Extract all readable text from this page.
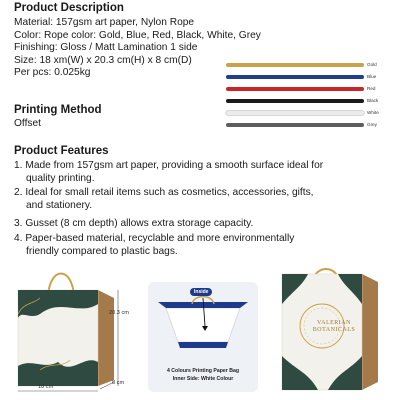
Product Description
Material: 157gsm art paper, Nylon Rope
Color: Rope color: Gold, Blue, Red, Black, White, Grey
Finishing: Gloss / Matt Lamination 1 side
Size: 18 xm(W) x 20.3 cm(H) x 8 cm(D)
Per pcs: 0.025kg
Gold
Blue
Red
Black
White
Grey
Printing Method
Offset
Product Features
1. Made from 157gsm art paper, providing a smooth surface ideal for
quality printing.
2. Ideal for small retail items such as cosmetics, accessories, gifts,
and stationery.
3. Gusset (8 cm depth) allows extra storage capacity.
4. Paper-based material, recyclable and more environmentally
friendly compared to plastic bags.
20.3 cm
18 cm
8 cm
Inside
4 Colours Printing Paper Bag
Inner Side: White Colour
VALERIAN
BOTANICALS
